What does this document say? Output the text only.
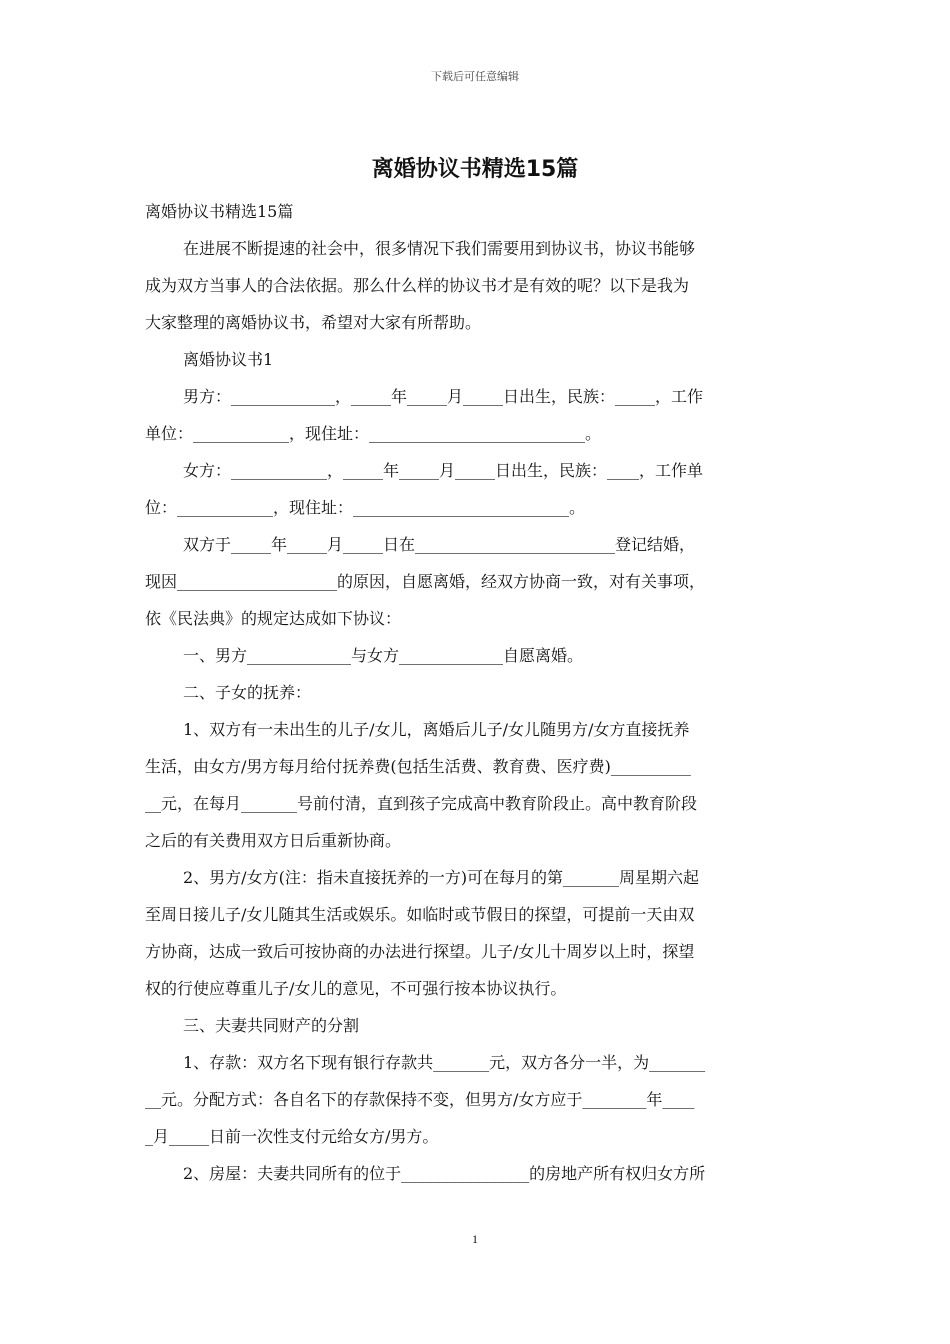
下载后可任意编辑
离婚协议书精选15篇

离婚协议书精选15篇

在进展不断提速的社会中，很多情况下我们需要用到协议书，协议书能够
成为双方当事人的合法依据。那么什么样的协议书才是有效的呢？以下是我为
大家整理的离婚协议书，希望对大家有所帮助。
离婚协议书1
男方：_____________，_____年_____月_____日出生，民族：_____，工作
单位：____________，现住址：___________________________。
女方：____________，_____年_____月_____日出生，民族：____，工作单
位：____________，现住址：___________________________。
双方于_____年_____月_____日在_________________________登记结婚，
现因____________________的原因，自愿离婚，经双方协商一致，对有关事项，
依《民法典》的规定达成如下协议：
一、男方_____________与女方_____________自愿离婚。
二、子女的抚养：
1、双方有一未出生的儿子/女儿，离婚后儿子/女儿随男方/女方直接抚养
生活，由女方/男方每月给付抚养费(包括生活费、教育费、医疗费)__________
__元，在每月_______号前付清，直到孩子完成高中教育阶段止。高中教育阶段
之后的有关费用双方日后重新协商。
2、男方/女方(注：指未直接抚养的一方)可在每月的第_______周星期六起
至周日接儿子/女儿随其生活或娱乐。如临时或节假日的探望，可提前一天由双
方协商，达成一致后可按协商的办法进行探望。儿子/女儿十周岁以上时，探望
权的行使应尊重儿子/女儿的意见，不可强行按本协议执行。
三、夫妻共同财产的分割
1、存款：双方名下现有银行存款共_______元，双方各分一半，为_______
__元。分配方式：各自名下的存款保持不变，但男方/女方应于________年____
_月_____日前一次性支付元给女方/男方。
2、房屋：夫妻共同所有的位于________________的房地产所有权归女方所
1
